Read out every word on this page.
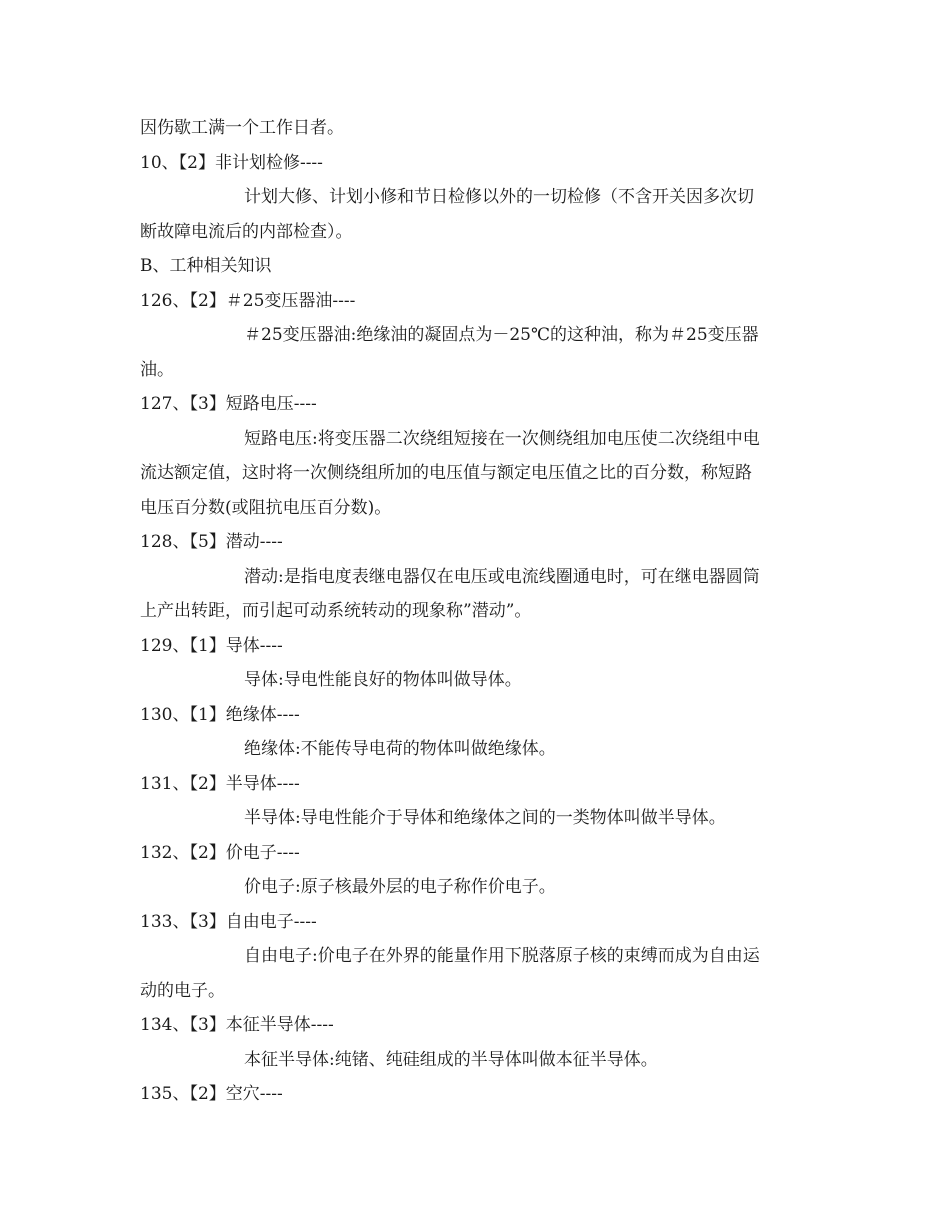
因伤歇工满一个工作日者。
10、【2】非计划检修----
计划大修、计划小修和节日检修以外的一切检修（不含开关因多次切
断故障电流后的内部检查）。
B、工种相关知识
126、【2】＃25变压器油----
＃25变压器油:绝缘油的凝固点为－25℃的这种油，称为＃25变压器
油。
127、【3】短路电压----
短路电压:将变压器二次绕组短接在一次侧绕组加电压使二次绕组中电
流达额定值，这时将一次侧绕组所加的电压值与额定电压值之比的百分数，称短路
电压百分数(或阻抗电压百分数)。
128、【5】潜动----
潜动:是指电度表继电器仅在电压或电流线圈通电时，可在继电器圆筒
上产出转距，而引起可动系统转动的现象称”潜动”。
129、【1】导体----
导体:导电性能良好的物体叫做导体。
130、【1】绝缘体----
绝缘体:不能传导电荷的物体叫做绝缘体。
131、【2】半导体----
半导体:导电性能介于导体和绝缘体之间的一类物体叫做半导体。
132、【2】价电子----
价电子:原子核最外层的电子称作价电子。
133、【3】自由电子----
自由电子:价电子在外界的能量作用下脱落原子核的束缚而成为自由运
动的电子。
134、【3】本征半导体----
本征半导体:纯锗、纯硅组成的半导体叫做本征半导体。
135、【2】空穴----
